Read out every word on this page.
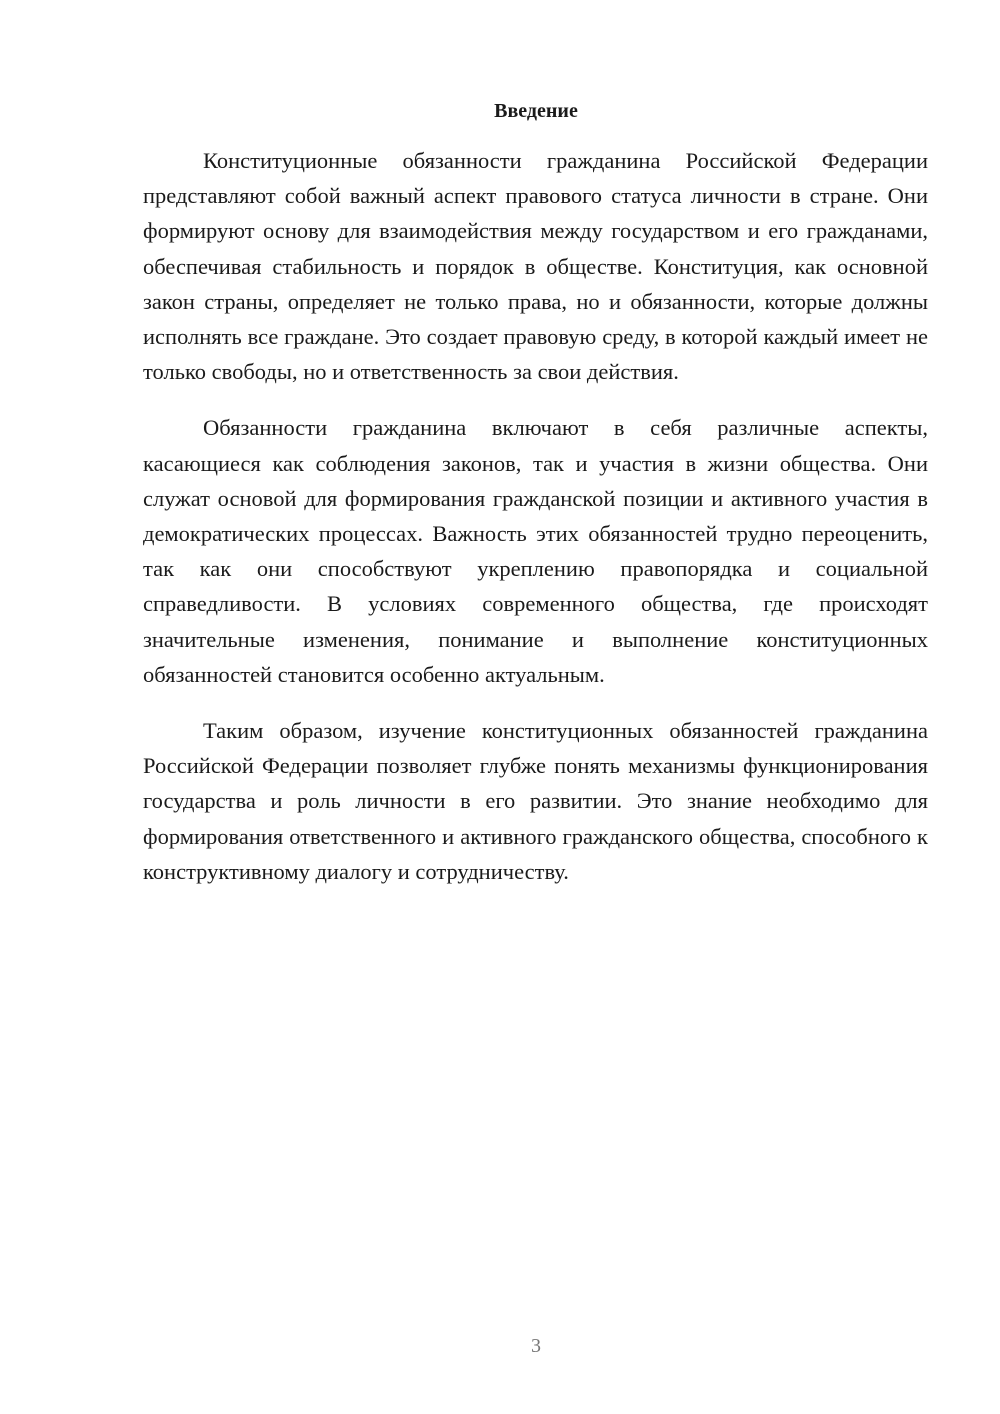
Введение

Конституционные обязанности гражданина Российской Федерации представляют собой важный аспект правового статуса личности в стране. Они формируют основу для взаимодействия между государством и его гражданами, обеспечивая стабильность и порядок в обществе. Конституция, как основной закон страны, определяет не только права, но и обязанности, которые должны исполнять все граждане. Это создает правовую среду, в которой каждый имеет не только свободы, но и ответственность за свои действия.

Обязанности гражданина включают в себя различные аспекты, касающиеся как соблюдения законов, так и участия в жизни общества. Они служат основой для формирования гражданской позиции и активного участия в демократических процессах. Важность этих обязанностей трудно переоценить, так как они способствуют укреплению правопорядка и социальной справедливости. В условиях современного общества, где происходят значительные изменения, понимание и выполнение конституционных обязанностей становится особенно актуальным.

Таким образом, изучение конституционных обязанностей гражданина Российской Федерации позволяет глубже понять механизмы функционирования государства и роль личности в его развитии. Это знание необходимо для формирования ответственного и активного гражданского общества, способного к конструктивному диалогу и сотрудничеству.

3
